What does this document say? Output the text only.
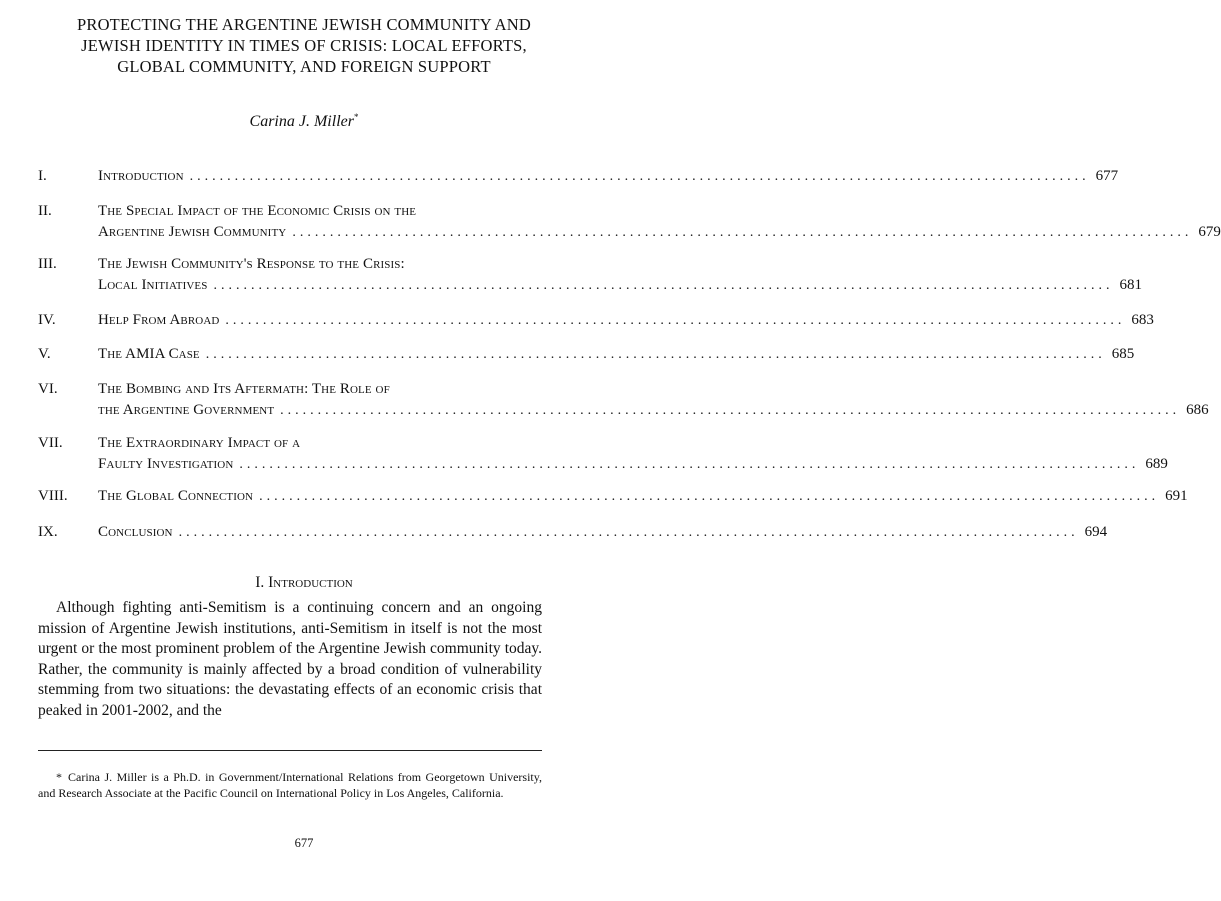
PROTECTING THE ARGENTINE JEWISH COMMUNITY AND
JEWISH IDENTITY IN TIMES OF CRISIS: LOCAL EFFORTS,
GLOBAL COMMUNITY, AND FOREIGN SUPPORT
Carina J. Miller*
I.	Introduction ........................................................................................................................ 677
II.	The Special Impact of the Economic Crisis on the
Argentine Jewish Community ........................................................................................................................ 679
III.	The Jewish Community's Response to the Crisis:
Local Initiatives ........................................................................................................................ 681
IV.	Help From Abroad ........................................................................................................................ 683
V.	The AMIA Case ........................................................................................................................ 685
VI.	The Bombing and Its Aftermath: The Role of
the Argentine Government ........................................................................................................................ 686
VII. The Extraordinary Impact of a
Faulty Investigation ........................................................................................................................ 689
VIII. The Global Connection ........................................................................................................................ 691
IX.	Conclusion ........................................................................................................................ 694
I. Introduction
Although fighting anti-Semitism is a continuing concern and an ongoing mission of Argentine Jewish institutions, anti-Semitism in itself is not the most urgent or the most prominent problem of the Argentine Jewish community today. Rather, the community is mainly affected by a broad condition of vulnerability stemming from two situations: the devastating effects of an economic crisis that peaked in 2001-2002, and the
* Carina J. Miller is a Ph.D. in Government/International Relations from Georgetown University, and Research Associate at the Pacific Council on International Policy in Los Angeles, California.
677
